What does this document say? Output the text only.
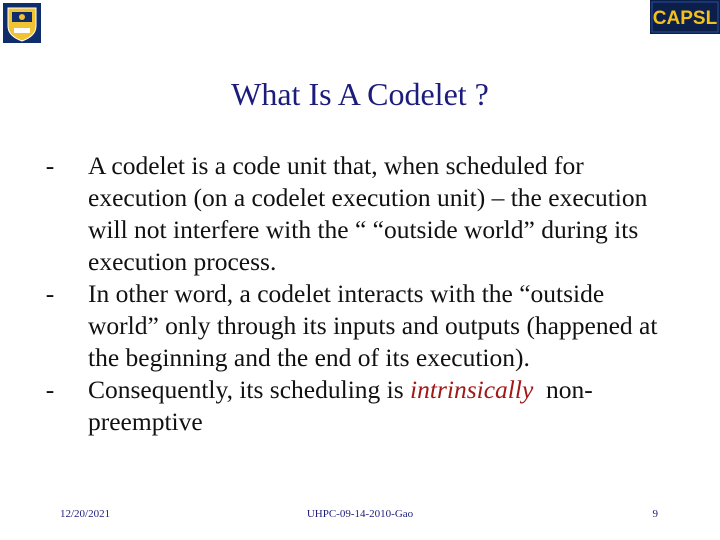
CAPSL
What Is A Codelet ?
-	A codelet is a code unit that, when scheduled for execution (on a codelet execution unit) – the execution will not interfere with the “ “outside world” during its execution process.
-	In other word, a codelet interacts with the “outside world” only through its inputs and outputs (happened at the beginning and the end of its execution).
-	Consequently, its scheduling is intrinsically  non-preemptive
12/20/2021	UHPC-09-14-2010-Gao	9
